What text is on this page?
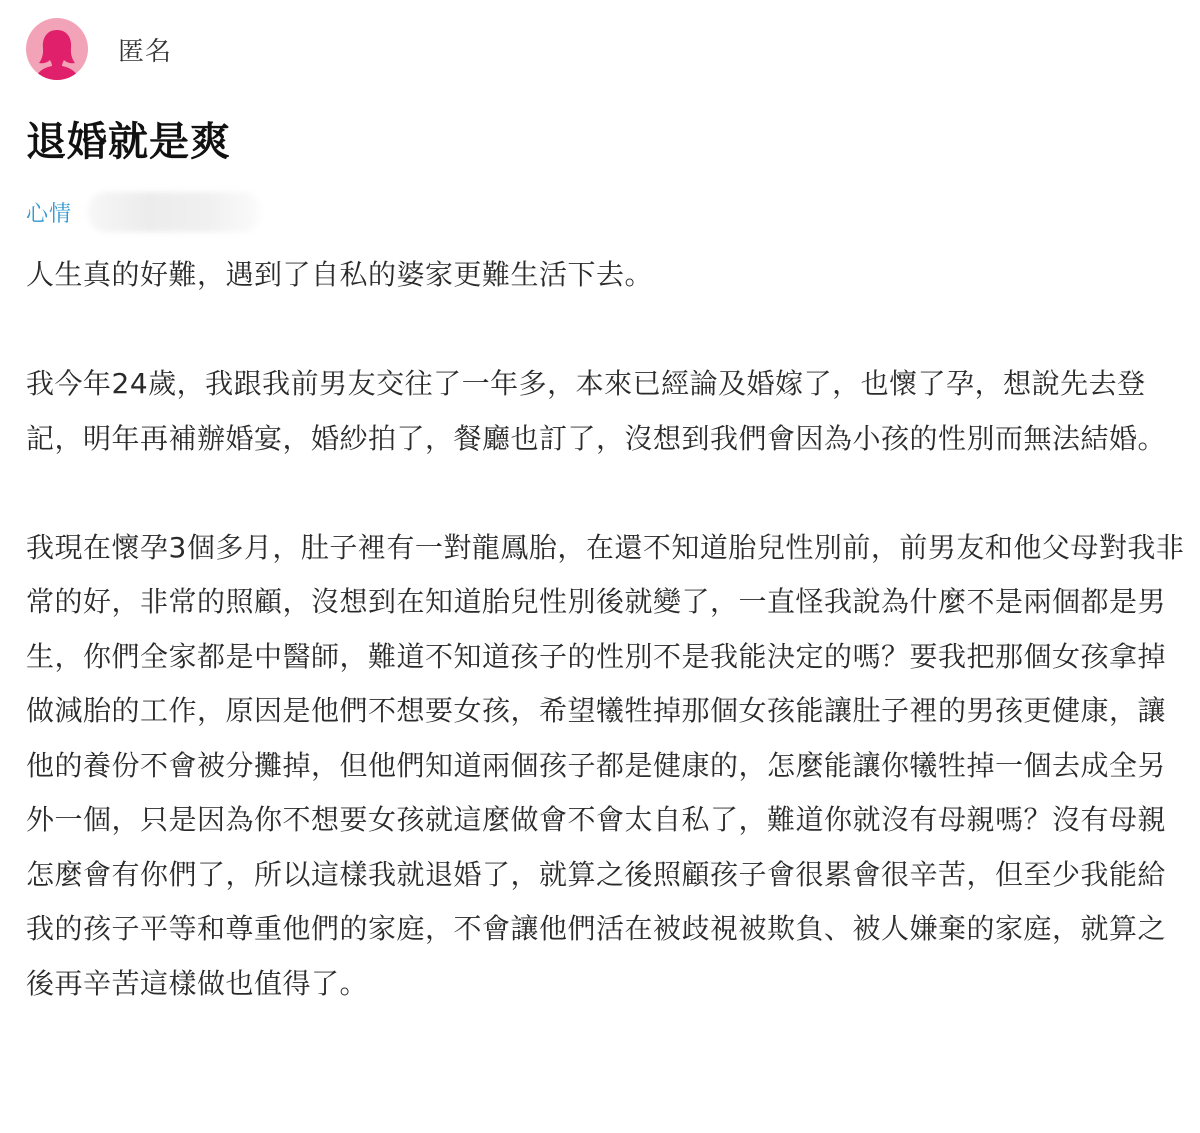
匿名
退婚就是爽
心情

人生真的好難，遇到了自私的婆家更難生活下去。

我今年24歲，我跟我前男友交往了一年多，本來已經論及婚嫁了，也懷了孕，想說先去登記，明年再補辦婚宴，婚紗拍了，餐廳也訂了，沒想到我們會因為小孩的性別而無法結婚。

我現在懷孕3個多月，肚子裡有一對龍鳳胎，在還不知道胎兒性別前，前男友和他父母對我非常的好，非常的照顧，沒想到在知道胎兒性別後就變了，一直怪我說為什麼不是兩個都是男生，你們全家都是中醫師，難道不知道孩子的性別不是我能決定的嗎？要我把那個女孩拿掉做減胎的工作，原因是他們不想要女孩，希望犧牲掉那個女孩能讓肚子裡的男孩更健康，讓他的養份不會被分攤掉，但他們知道兩個孩子都是健康的，怎麼能讓你犧牲掉一個去成全另外一個，只是因為你不想要女孩就這麼做會不會太自私了，難道你就沒有母親嗎？沒有母親怎麼會有你們了，所以這樣我就退婚了，就算之後照顧孩子會很累會很辛苦，但至少我能給我的孩子平等和尊重他們的家庭，不會讓他們活在被歧視被欺負、被人嫌棄的家庭，就算之後再辛苦這樣做也值得了。
